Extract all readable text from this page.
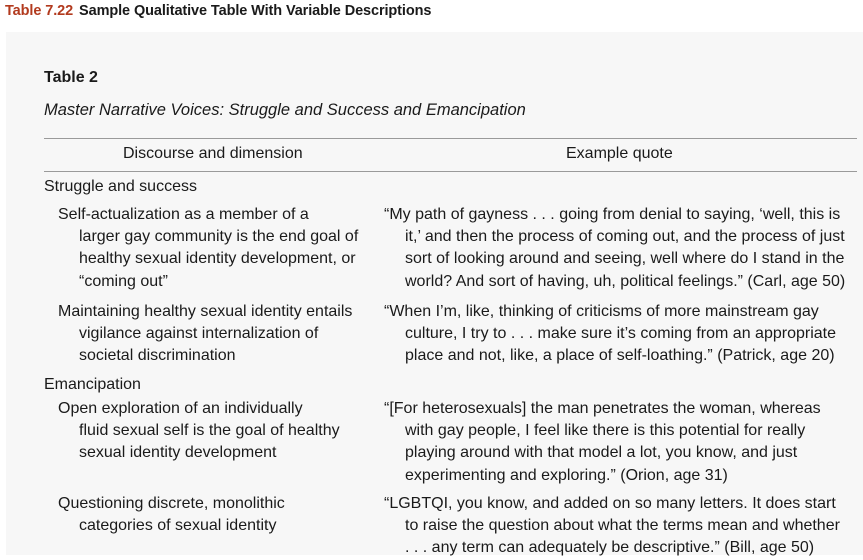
Table 7.22 Sample Qualitative Table With Variable Descriptions
Table 2
Master Narrative Voices: Struggle and Success and Emancipation
Discourse and dimension	Example quote
Struggle and success
Self-actualization as a member of a
larger gay community is the end goal of
healthy sexual identity development, or
“coming out”
“My path of gayness . . . going from denial to saying, ‘well, this is
it,’ and then the process of coming out, and the process of just
sort of looking around and seeing, well where do I stand in the
world? And sort of having, uh, political feelings.” (Carl, age 50)
Maintaining healthy sexual identity entails
vigilance against internalization of
societal discrimination
“When I’m, like, thinking of criticisms of more mainstream gay
culture, I try to . . . make sure it’s coming from an appropriate
place and not, like, a place of self-loathing.” (Patrick, age 20)
Emancipation
Open exploration of an individually
fluid sexual self is the goal of healthy
sexual identity development
“[For heterosexuals] the man penetrates the woman, whereas
with gay people, I feel like there is this potential for really
playing around with that model a lot, you know, and just
experimenting and exploring.” (Orion, age 31)
Questioning discrete, monolithic
categories of sexual identity
“LGBTQI, you know, and added on so many letters. It does start
to raise the question about what the terms mean and whether
. . . any term can adequately be descriptive.” (Bill, age 50)
